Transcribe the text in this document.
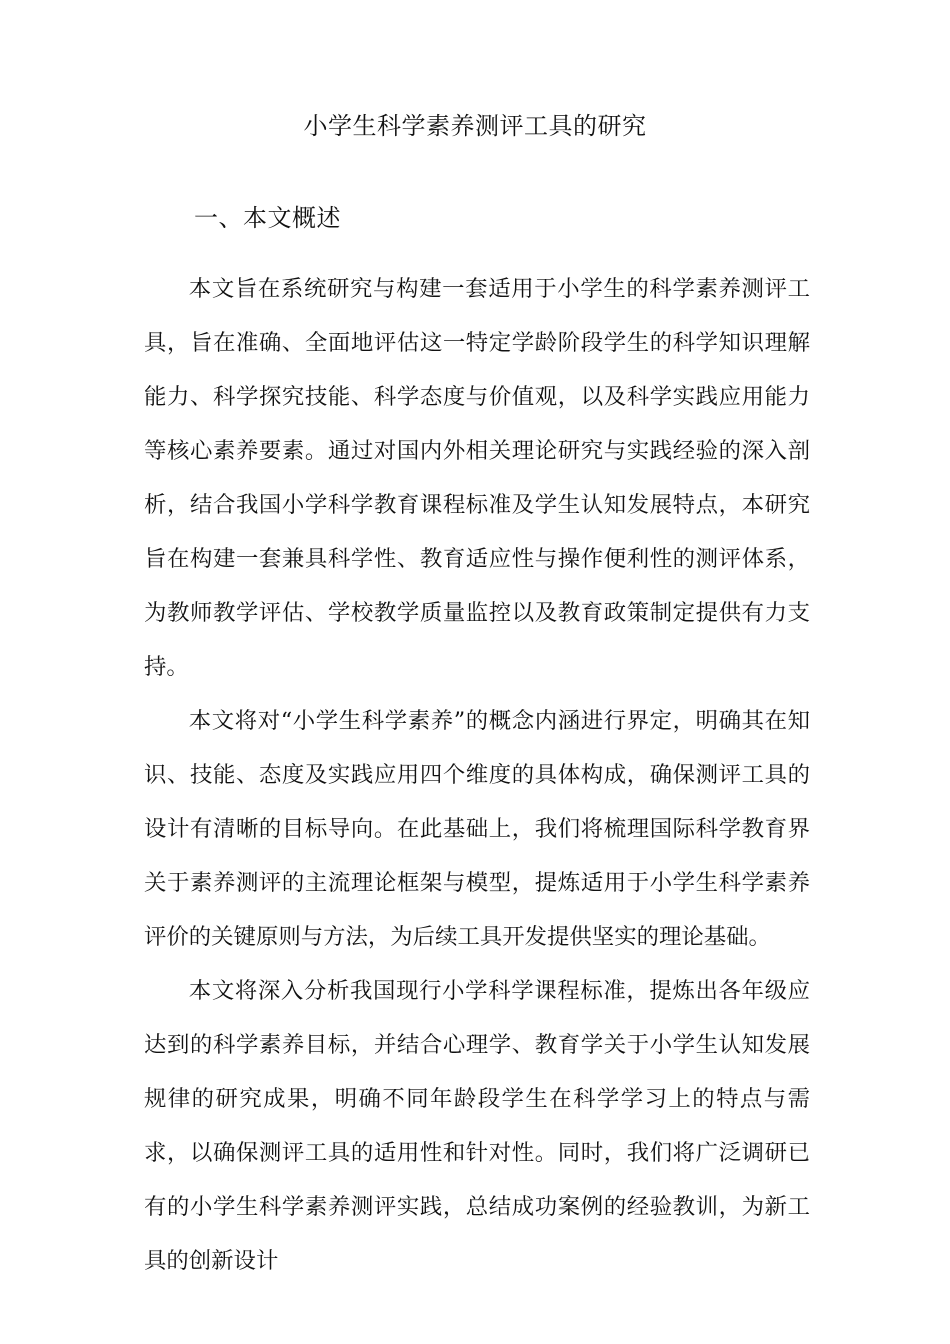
小学生科学素养测评工具的研究
一、本文概述

本文旨在系统研究与构建一套适用于小学生的科学素养测评工具，旨在准确、全面地评估这一特定学龄阶段学生的科学知识理解能力、科学探究技能、科学态度与价值观，以及科学实践应用能力等核心素养要素。通过对国内外相关理论研究与实践经验的深入剖析，结合我国小学科学教育课程标准及学生认知发展特点，本研究旨在构建一套兼具科学性、教育适应性与操作便利性的测评体系，为教师教学评估、学校教学质量监控以及教育政策制定提供有力支持。

本文将对“小学生科学素养”的概念内涵进行界定，明确其在知识、技能、态度及实践应用四个维度的具体构成，确保测评工具的设计有清晰的目标导向。在此基础上，我们将梳理国际科学教育界关于素养测评的主流理论框架与模型，提炼适用于小学生科学素养评价的关键原则与方法，为后续工具开发提供坚实的理论基础。

本文将深入分析我国现行小学科学课程标准，提炼出各年级应达到的科学素养目标，并结合心理学、教育学关于小学生认知发展规律的研究成果，明确不同年龄段学生在科学学习上的特点与需求，以确保测评工具的适用性和针对性。同时，我们将广泛调研已有的小学生科学素养测评实践，总结成功案例的经验教训，为新工具的创新设计
